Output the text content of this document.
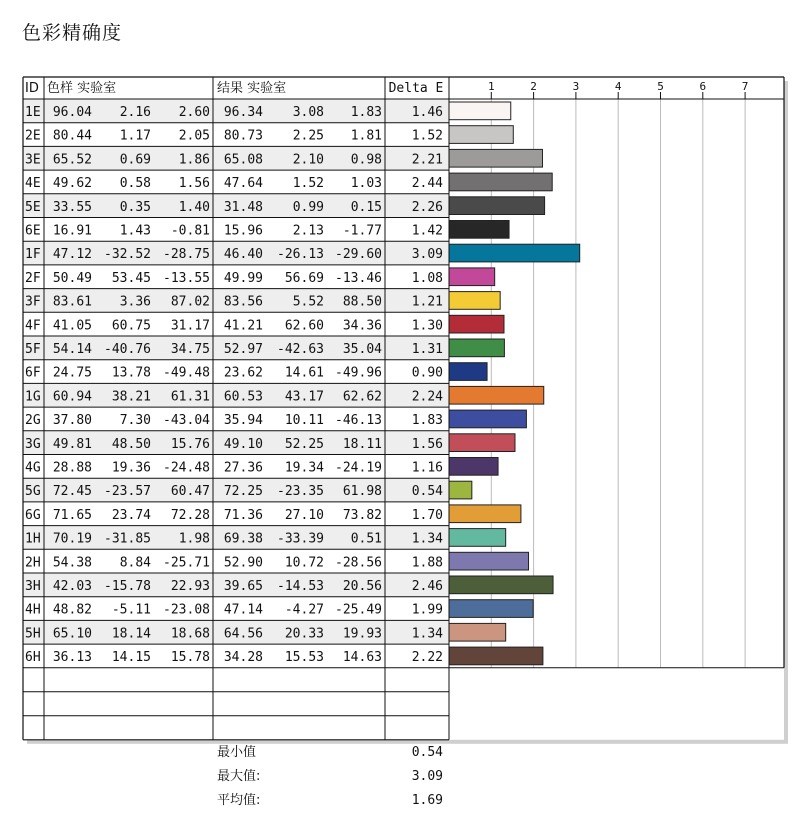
色彩精确度
ID 色样 实验室	结果 实验室	Delta E	1	2	3	4	5	6	7
1E 96.04 2.16 2.60 96.34 3.08 1.83 1.46
2E 80.44 1.17 2.05 80.73 2.25 1.81 1.52
3E 65.52 0.69 1.86 65.08 2.10 0.98 2.21
4E 49.62 0.58 1.56 47.64 1.52 1.03 2.44
5E 33.55 0.35 1.40 31.48 0.99 0.15 2.26
6E 16.91 1.43 -0.81 15.96 2.13 -1.77 1.42
1F 47.12 -32.52 -28.75 46.40 -26.13 -29.60 3.09
2F 50.49 53.45 -13.55 49.99 56.69 -13.46 1.08
3F 83.61 3.36 87.02 83.56 5.52 88.50 1.21
4F 41.05 60.75 31.17 41.21 62.60 34.36 1.30
5F 54.14 -40.76 34.75 52.97 -42.63 35.04 1.31
6F 24.75 13.78 -49.48 23.62 14.61 -49.96 0.90
1G 60.94 38.21 61.31 60.53 43.17 62.62 2.24
2G 37.80 7.30 -43.04 35.94 10.11 -46.13 1.83
3G 49.81 48.50 15.76 49.10 52.25 18.11 1.56
4G 28.88 19.36 -24.48 27.36 19.34 -24.19 1.16
5G 72.45 -23.57 60.47 72.25 -23.35 61.98 0.54
6G 71.65 23.74 72.28 71.36 27.10 73.82 1.70
1H 70.19 -31.85 1.98 69.38 -33.39 0.51 1.34
2H 54.38 8.84 -25.71 52.90 10.72 -28.56 1.88
3H 42.03 -15.78 22.93 39.65 -14.53 20.56 2.46
4H 48.82 -5.11 -23.08 47.14 -4.27 -25.49 1.99
5H 65.10 18.14 18.68 64.56 20.33 19.93 1.34
6H 36.13 14.15 15.78 34.28 15.53 14.63 2.22
最小值	0.54
最大值:	3.09
平均值:	1.69
